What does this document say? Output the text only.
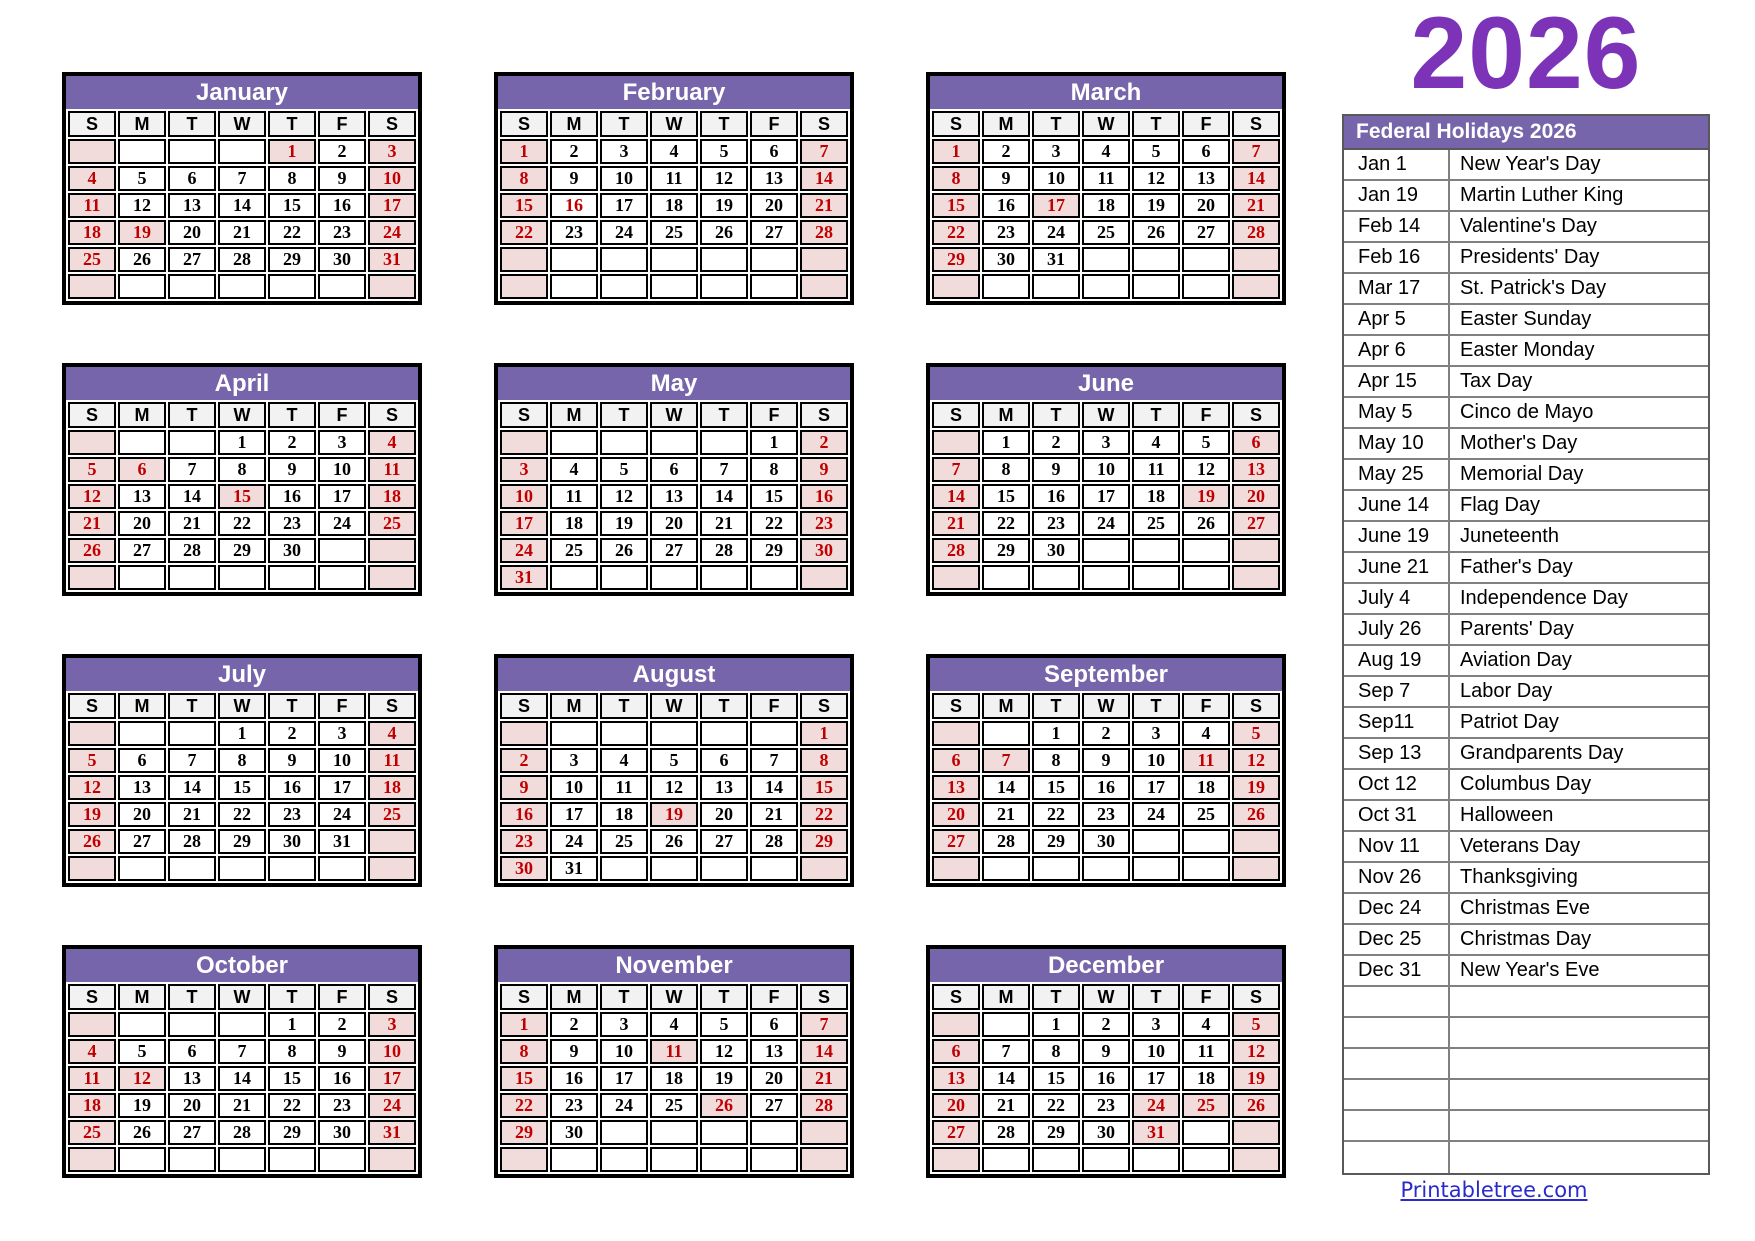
January
S	M	T	W	T	F	S
				1	2	3
4	5	6	7	8	9	10
11	12	13	14	15	16	17
18	19	20	21	22	23	24
25	26	27	28	29	30	31

February
S	M	T	W	T	F	S
1	2	3	4	5	6	7
8	9	10	11	12	13	14
15	16	17	18	19	20	21
22	23	24	25	26	27	28

March
S	M	T	W	T	F	S
1	2	3	4	5	6	7
8	9	10	11	12	13	14
15	16	17	18	19	20	21
22	23	24	25	26	27	28
29	30	31				

April
S	M	T	W	T	F	S
			1	2	3	4
5	6	7	8	9	10	11
12	13	14	15	16	17	18
21	20	21	22	23	24	25
26	27	28	29	30		

May
S	M	T	W	T	F	S
					1	2
3	4	5	6	7	8	9
10	11	12	13	14	15	16
17	18	19	20	21	22	23
24	25	26	27	28	29	30
31						
June
S	M	T	W	T	F	S
	1	2	3	4	5	6
7	8	9	10	11	12	13
14	15	16	17	18	19	20
21	22	23	24	25	26	27
28	29	30				

July
S	M	T	W	T	F	S
			1	2	3	4
5	6	7	8	9	10	11
12	13	14	15	16	17	18
19	20	21	22	23	24	25
26	27	28	29	30	31	

August
S	M	T	W	T	F	S
						1
2	3	4	5	6	7	8
9	10	11	12	13	14	15
16	17	18	19	20	21	22
23	24	25	26	27	28	29
30	31					
September
S	M	T	W	T	F	S
		1	2	3	4	5
6	7	8	9	10	11	12
13	14	15	16	17	18	19
20	21	22	23	24	25	26
27	28	29	30			

October
S	M	T	W	T	F	S
				1	2	3
4	5	6	7	8	9	10
11	12	13	14	15	16	17
18	19	20	21	22	23	24
25	26	27	28	29	30	31

November
S	M	T	W	T	F	S
1	2	3	4	5	6	7
8	9	10	11	12	13	14
15	16	17	18	19	20	21
22	23	24	25	26	27	28
29	30					

December
S	M	T	W	T	F	S
		1	2	3	4	5
6	7	8	9	10	11	12
13	14	15	16	17	18	19
20	21	22	23	24	25	26
27	28	29	30	31		

2026
Federal Holidays 2026
Jan 1	New Year's Day
Jan 19	Martin Luther King
Feb 14	Valentine's Day
Feb 16	Presidents' Day
Mar 17	St. Patrick's Day
Apr 5	Easter Sunday
Apr 6	Easter Monday
Apr 15	Tax Day
May 5	Cinco de Mayo
May 10	Mother's Day
May 25	Memorial Day
June 14	Flag Day
June 19	Juneteenth
June 21	Father's Day
July 4	Independence Day
July 26	Parents' Day
Aug 19	Aviation Day
Sep 7	Labor Day
Sep11	Patriot Day
Sep 13	Grandparents Day
Oct 12	Columbus Day
Oct 31	Halloween
Nov 11	Veterans Day
Nov 26	Thanksgiving
Dec 24	Christmas Eve
Dec 25	Christmas Day
Dec 31	New Year's Eve
Printabletree.com
